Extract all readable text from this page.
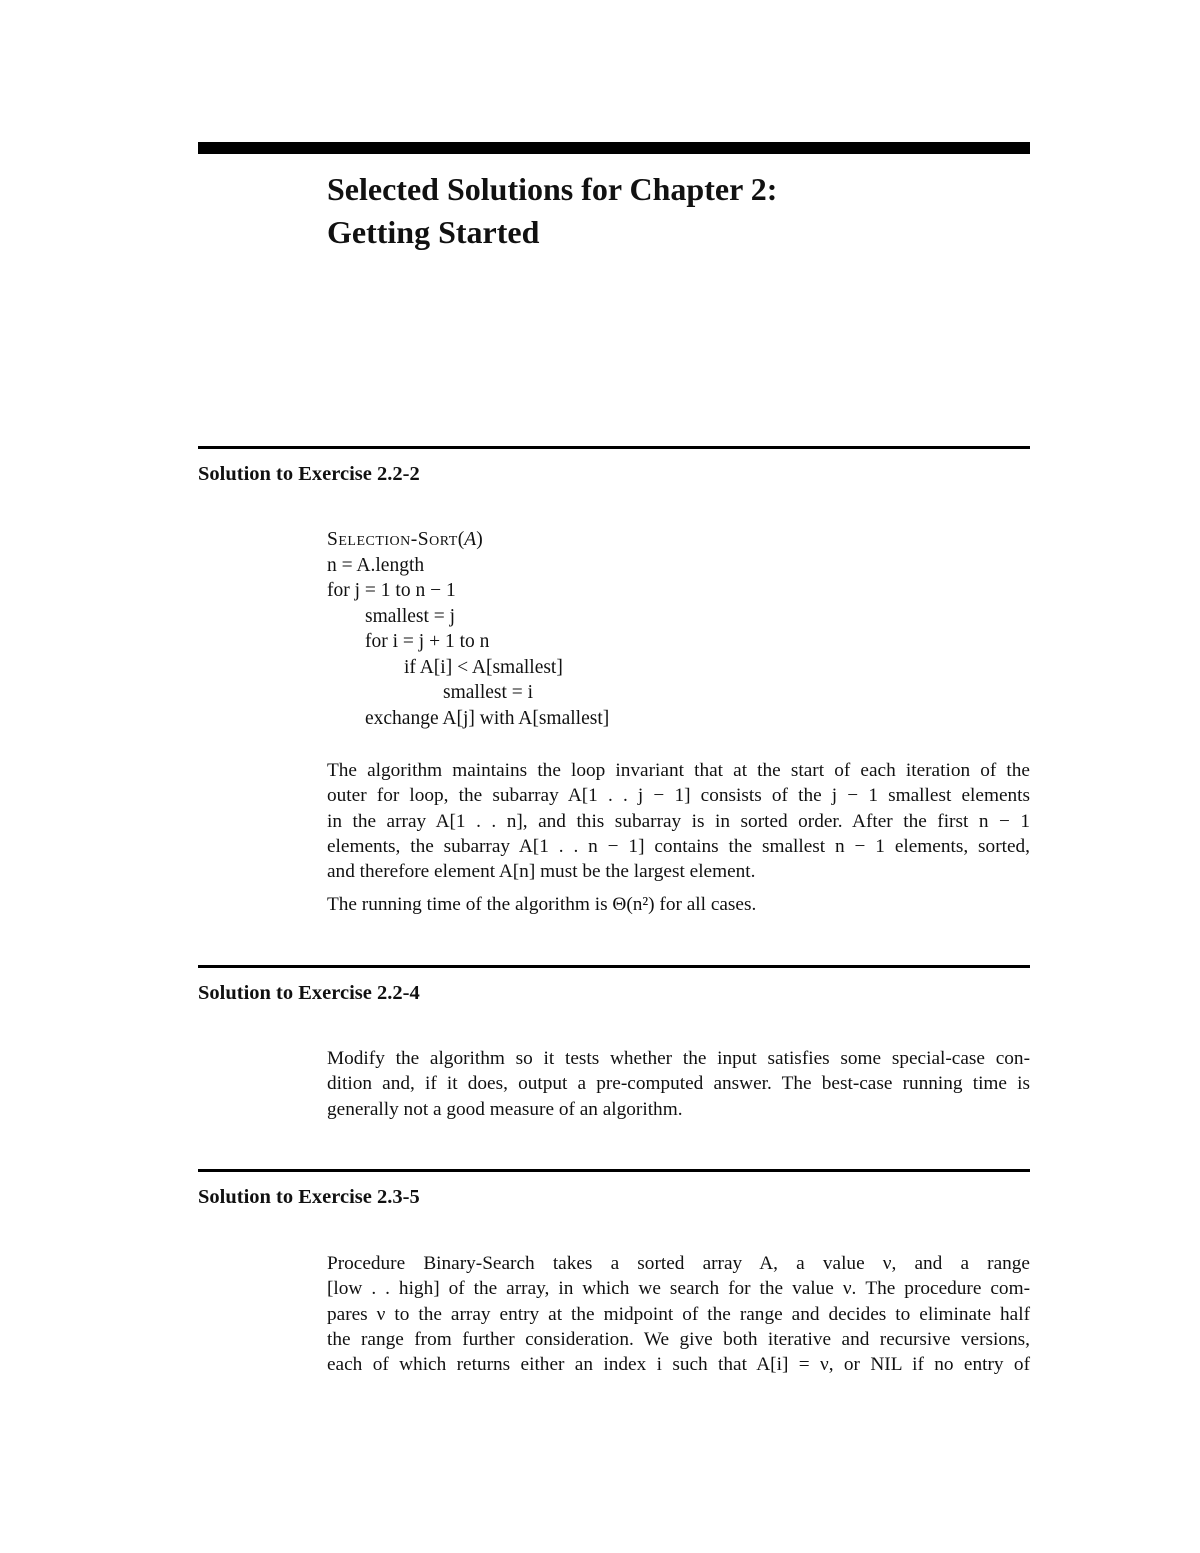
Selected Solutions for Chapter 2:
Getting Started
Solution to Exercise 2.2-2
Selection-Sort(A)
n = A.length
for j = 1 to n − 1
smallest = j
for i = j + 1 to n
if A[i] < A[smallest]
smallest = i
exchange A[j] with A[smallest]
The algorithm maintains the loop invariant that at the start of each iteration of the
outer for loop, the subarray A[1 . . j − 1] consists of the j − 1 smallest elements
in the array A[1 . . n], and this subarray is in sorted order. After the first n − 1
elements, the subarray A[1 . . n − 1] contains the smallest n − 1 elements, sorted,
and therefore element A[n] must be the largest element.
The running time of the algorithm is Θ(n²) for all cases.
Solution to Exercise 2.2-4
Modify the algorithm so it tests whether the input satisfies some special-case con-
dition and, if it does, output a pre-computed answer. The best-case running time is
generally not a good measure of an algorithm.
Solution to Exercise 2.3-5
Procedure Binary-Search takes a sorted array A, a value ν, and a range
[low . . high] of the array, in which we search for the value ν. The procedure com-
pares ν to the array entry at the midpoint of the range and decides to eliminate half
the range from further consideration. We give both iterative and recursive versions,
each of which returns either an index i such that A[i] = ν, or NIL if no entry of
